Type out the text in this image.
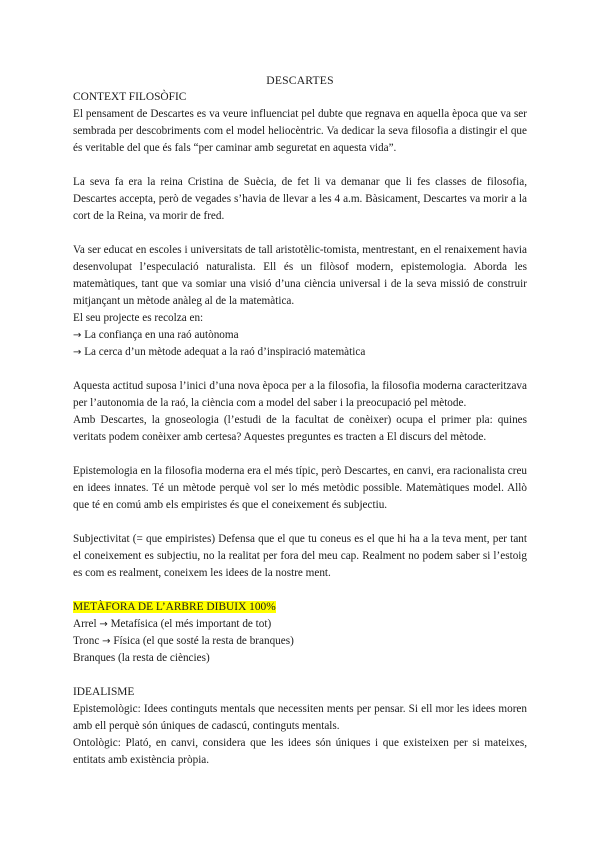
DESCARTES
CONTEXT FILOSÒFIC

El pensament de Descartes es va veure influenciat pel dubte que regnava en aquella època que va ser sembrada per descobriments com el model heliocèntric. Va dedicar la seva filosofia a distingir el que és veritable del que és fals “per caminar amb seguretat en aquesta vida”.

La seva fa era la reina Cristina de Suècia, de fet li va demanar que li fes classes de filosofia, Descartes accepta, però de vegades s’havia de llevar a les 4 a.m. Bàsicament, Descartes va morir a la cort de la Reina, va morir de fred.

Va ser educat en escoles i universitats de tall aristotèlic-tomista, mentrestant, en el renaixement havia desenvolupat l’especulació naturalista. Ell és un filòsof modern, epistemologia. Aborda les matemàtiques, tant que va somiar una visió d’una ciència universal i de la seva missió de construir mitjançant un mètode anàleg al de la matemàtica.

El seu projecte es recolza en:

→ La confiança en una raó autònoma
→ La cerca d’un mètode adequat a la raó d’inspiració matemàtica

Aquesta actitud suposa l’inici d’una nova època per a la filosofia, la filosofia moderna caracteritzava per l’autonomia de la raó, la ciència com a model del saber i la preocupació pel mètode.

Amb Descartes, la gnoseologia (l’estudi de la facultat de conèixer) ocupa el primer pla: quines veritats podem conèixer amb certesa? Aquestes preguntes es tracten a El discurs del mètode.

Epistemologia en la filosofia moderna era el més típic, però Descartes, en canvi, era racionalista creu en idees innates. Té un mètode perquè vol ser lo més metòdic possible. Matemàtiques model. Allò que té en comú amb els empiristes és que el coneixement és subjectiu.

Subjectivitat (= que empiristes) Defensa que el que tu coneus es el que hi ha a la teva ment, per tant el coneixement es subjectiu, no la realitat per fora del meu cap. Realment no podem saber si l’estoig es com es realment, coneixem les idees de la nostre ment.

METÀFORA DE L’ARBRE DIBUIX 100%
Arrel → Metafísica (el més important de tot)
Tronc → Física (el que sosté la resta de branques)
Branques (la resta de ciències)
IDEALISME

Epistemològic: Idees continguts mentals que necessiten ments per pensar. Si ell mor les idees moren amb ell perquè són úniques de cadascú, continguts mentals.

Ontològic: Plató, en canvi, considera que les idees són úniques i que existeixen per si mateixes, entitats amb existència pròpia.
